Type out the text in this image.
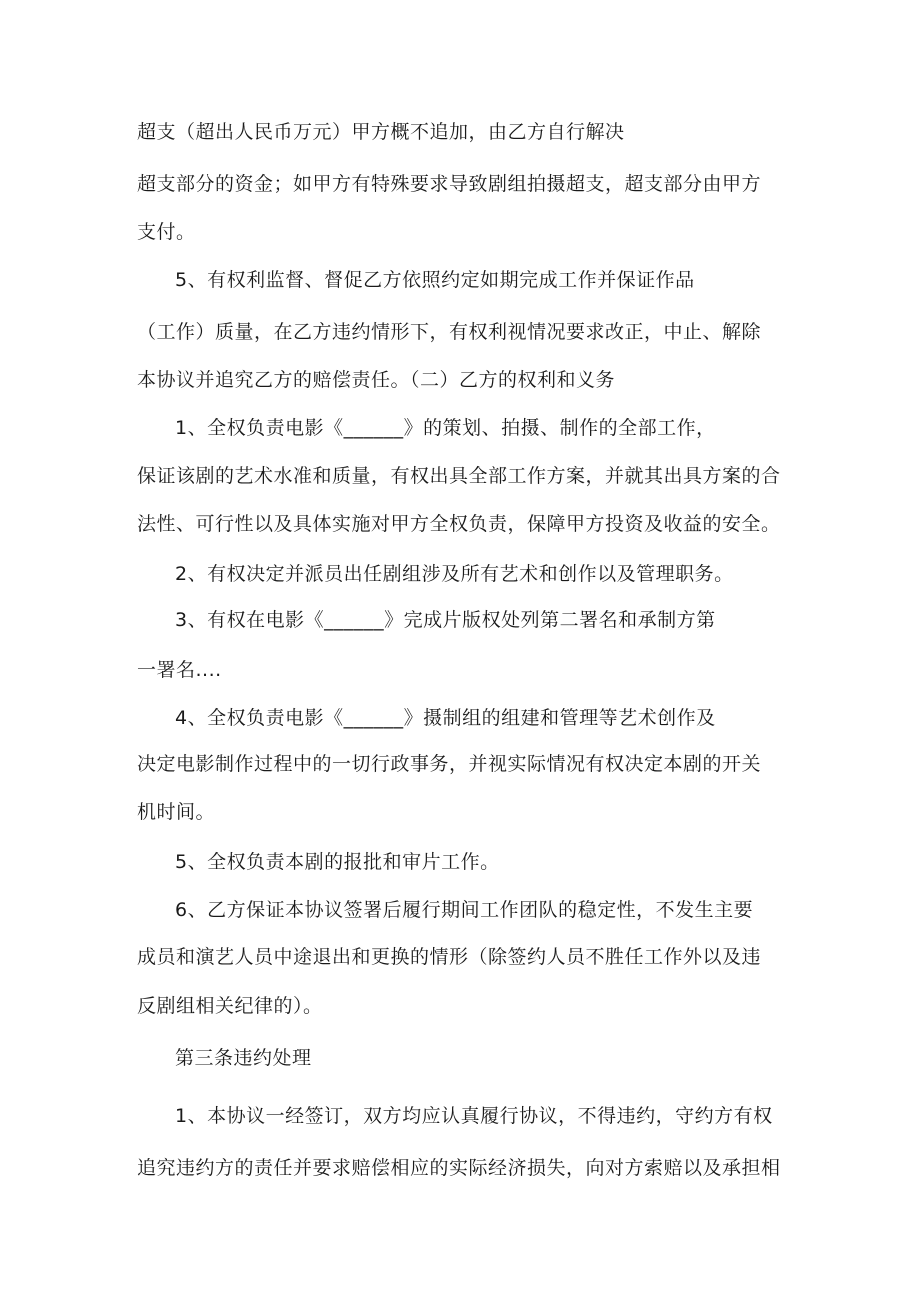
超支（超出人民币万元）甲方概不追加，由乙方自行解决
超支部分的资金；如甲方有特殊要求导致剧组拍摄超支，超支部分由甲方
支付。
5、有权利监督、督促乙方依照约定如期完成工作并保证作品
（工作）质量，在乙方违约情形下，有权利视情况要求改正，中止、解除
本协议并追究乙方的赔偿责任。（二）乙方的权利和义务
1、全权负责电影《______》的策划、拍摄、制作的全部工作，
保证该剧的艺术水准和质量，有权出具全部工作方案，并就其出具方案的合
法性、可行性以及具体实施对甲方全权负责，保障甲方投资及收益的安全。
2、有权决定并派员出任剧组涉及所有艺术和创作以及管理职务。
3、有权在电影《______》完成片版权处列第二署名和承制方第
一署名....
4、全权负责电影《______》摄制组的组建和管理等艺术创作及
决定电影制作过程中的一切行政事务，并视实际情况有权决定本剧的开关
机时间。
5、全权负责本剧的报批和审片工作。
6、乙方保证本协议签署后履行期间工作团队的稳定性，不发生主要
成员和演艺人员中途退出和更换的情形（除签约人员不胜任工作外以及违
反剧组相关纪律的）。
第三条违约处理
1、本协议一经签订，双方均应认真履行协议，不得违约，守约方有权
追究违约方的责任并要求赔偿相应的实际经济损失，向对方索赔以及承担相
